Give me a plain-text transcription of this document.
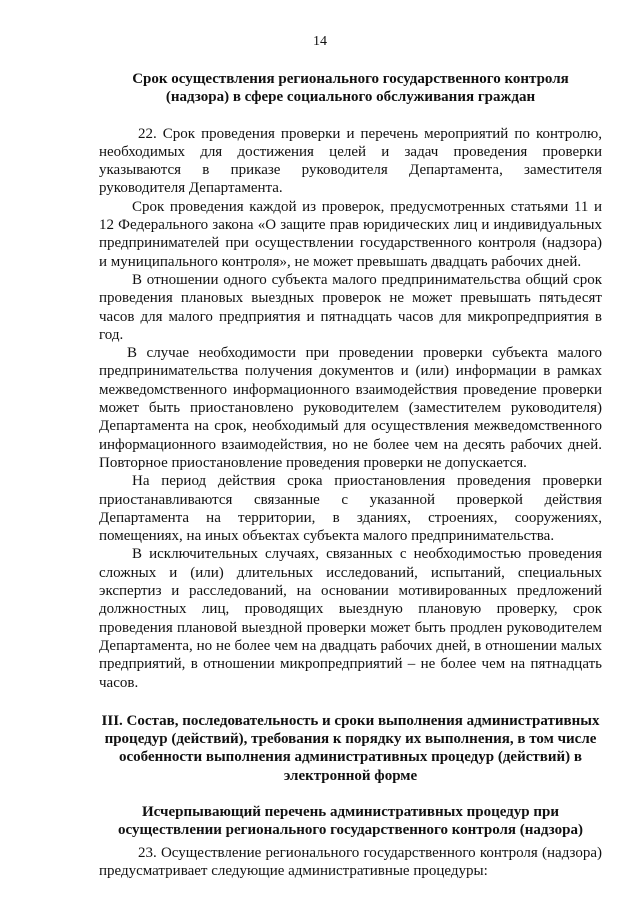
14
Срок осуществления регионального государственного контроля (надзора) в сфере социального обслуживания граждан
22. Срок проведения проверки и перечень мероприятий по контролю, необходимых для достижения целей и задач проведения проверки указываются в приказе руководителя Департамента, заместителя руководителя Департамента.
Срок проведения каждой из проверок, предусмотренных статьями 11 и 12 Федерального закона «О защите прав юридических лиц и индивидуальных предпринимателей при осуществлении государственного контроля (надзора) и муниципального контроля», не может превышать двадцать рабочих дней.
В отношении одного субъекта малого предпринимательства общий срок проведения плановых выездных проверок не может превышать пятьдесят часов для малого предприятия и пятнадцать часов для микропредприятия в год.
В случае необходимости при проведении проверки субъекта малого предпринимательства получения документов и (или) информации в рамках межведомственного информационного взаимодействия проведение проверки может быть приостановлено руководителем (заместителем руководителя) Департамента на срок, необходимый для осуществления межведомственного информационного взаимодействия, но не более чем на десять рабочих дней. Повторное приостановление проведения проверки не допускается.
На период действия срока приостановления проведения проверки приостанавливаются связанные с указанной проверкой действия Департамента на территории, в зданиях, строениях, сооружениях, помещениях, на иных объектах субъекта малого предпринимательства.
В исключительных случаях, связанных с необходимостью проведения сложных и (или) длительных исследований, испытаний, специальных экспертиз и расследований, на основании мотивированных предложений должностных лиц, проводящих выездную плановую проверку, срок проведения плановой выездной проверки может быть продлен руководителем Департамента, но не более чем на двадцать рабочих дней, в отношении малых предприятий, в отношении микропредприятий – не более чем на пятнадцать часов.
III. Состав, последовательность и сроки выполнения административных процедур (действий), требования к порядку их выполнения, в том числе особенности выполнения административных процедур (действий) в электронной форме
Исчерпывающий перечень административных процедур при осуществлении регионального государственного контроля (надзора)
23. Осуществление регионального государственного контроля (надзора) предусматривает следующие административные процедуры:
